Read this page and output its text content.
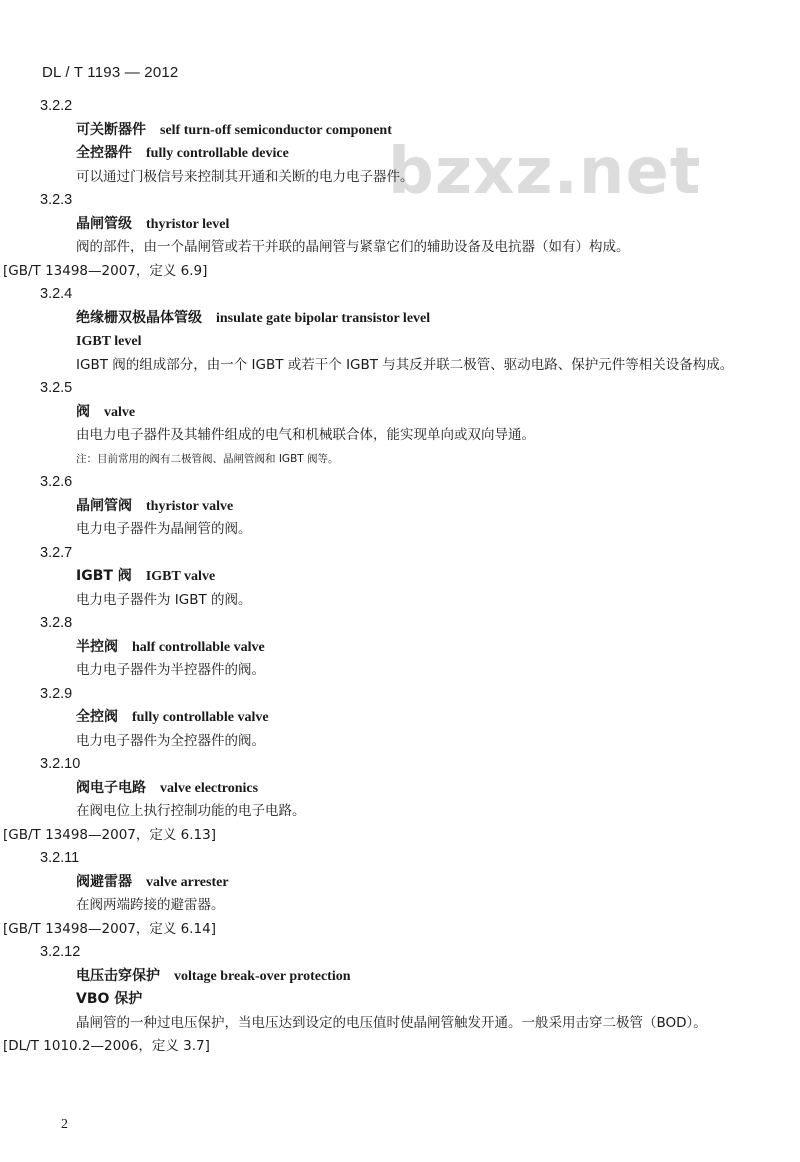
DL / T 1193 — 2012
bzxz.net
3.2.2
可关断器件 self turn-off semiconductor component
全控器件 fully controllable device
可以通过门极信号来控制其开通和关断的电力电子器件。
3.2.3
晶闸管级 thyristor level
阀的部件，由一个晶闸管或若干并联的晶闸管与紧靠它们的辅助设备及电抗器（如有）构成。
[GB/T 13498—2007，定义 6.9]
3.2.4
绝缘栅双极晶体管级 insulate gate bipolar transistor level
IGBT level
IGBT 阀的组成部分，由一个 IGBT 或若干个 IGBT 与其反并联二极管、驱动电路、保护元件等相关设备构成。
3.2.5
阀 valve
由电力电子器件及其辅件组成的电气和机械联合体，能实现单向或双向导通。
注：目前常用的阀有二极管阀、晶闸管阀和 IGBT 阀等。
3.2.6
晶闸管阀 thyristor valve
电力电子器件为晶闸管的阀。
3.2.7
IGBT 阀 IGBT valve
电力电子器件为 IGBT 的阀。
3.2.8
半控阀 half controllable valve
电力电子器件为半控器件的阀。
3.2.9
全控阀 fully controllable valve
电力电子器件为全控器件的阀。
3.2.10
阀电子电路 valve electronics
在阀电位上执行控制功能的电子电路。
[GB/T 13498—2007，定义 6.13]
3.2.11
阀避雷器 valve arrester
在阀两端跨接的避雷器。
[GB/T 13498—2007，定义 6.14]
3.2.12
电压击穿保护 voltage break-over protection
VBO 保护
晶闸管的一种过电压保护，当电压达到设定的电压值时使晶闸管触发开通。一般采用击穿二极管（BOD）。
[DL/T 1010.2—2006，定义 3.7]
2
